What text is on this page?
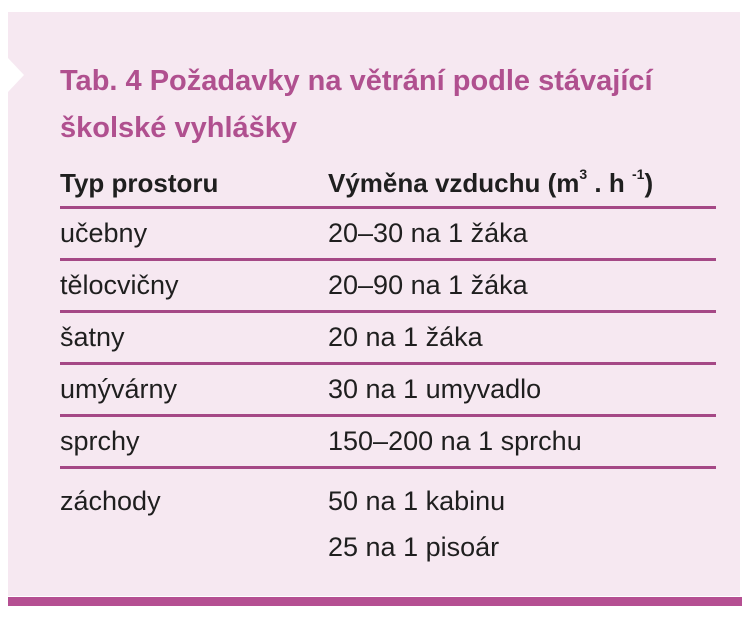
Tab. 4 Požadavky na větrání podle stávající školské vyhlášky
Typ prostoru	Výměna vzduchu ($m^3$ . h $^{-1}$)
učebny	20–30 na 1 žáka
tělocvičny	20–90 na 1 žáka
šatny	20 na 1 žáka
umývárny	30 na 1 umyvadlo
sprchy	150–200 na 1 sprchu
záchody	50 na 1 kabinu
25 na 1 pisoár
